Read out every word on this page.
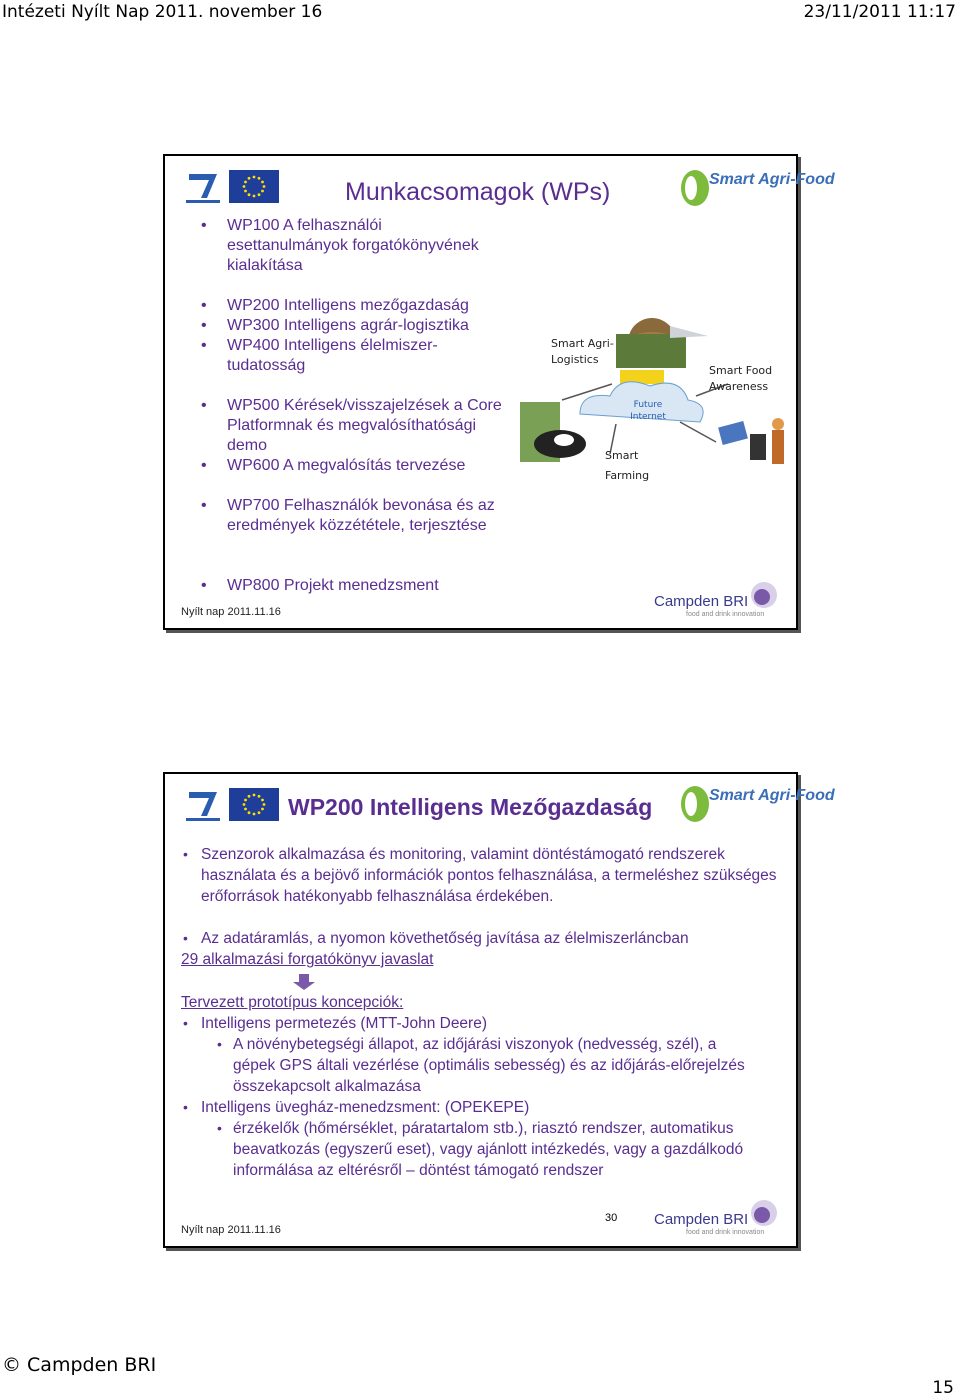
Intézeti Nyílt Nap 2011. november 16	23/11/2011 11:17
Munkacsomagok (WPs)	Smart Agri-Food
• WP100 A felhasználói esettanulmányok forgatókönyvének kialakítása
• WP200 Intelligens mezőgazdaság
• WP300 Intelligens agrár-logisztika
• WP400 Intelligens élelmiszer-tudatosság
• WP500 Kérések/visszajelzések a Core Platformnak és megvalósíthatósági demo
• WP600 A megvalósítás tervezése
• WP700 Felhasználók bevonása és az eredmények közzététele, terjesztése
• WP800 Projekt menedzsment
Smart Agri-Logistics
Smart Food Awareness
Future Internet
Smart Farming
Nyílt nap 2011.11.16
Campden BRI
food and drink innovation
WP200 Intelligens Mezőgazdaság	Smart Agri-Food
• Szenzorok alkalmazása és monitoring, valamint döntéstámogató rendszerek használata és a bejövő információk pontos felhasználása, a termeléshez szükséges erőforrások hatékonyabb felhasználása érdekében.
• Az adatáramlás, a nyomon követhetőség javítása az élelmiszerláncban
29 alkalmazási forgatókönyv javaslat
Tervezett prototípus koncepciók:
• Intelligens permetezés (MTT-John Deere)
• A növénybetegségi állapot, az időjárási viszonyok (nedvesség, szél), a gépek GPS általi vezérlése (optimális sebesség) és az időjárás-előrejelzés összekapcsolt alkalmazása
• Intelligens üvegház-menedzsment: (OPEKEPE)
• érzékelők (hőmérséklet, páratartalom stb.), riasztó rendszer, automatikus beavatkozás (egyszerű eset), vagy ajánlott intézkedés, vagy a gazdálkodó informálása az eltérésről – döntést támogató rendszer
30
Nyílt nap 2011.11.16
Campden BRI
food and drink innovation
© Campden BRI
15
